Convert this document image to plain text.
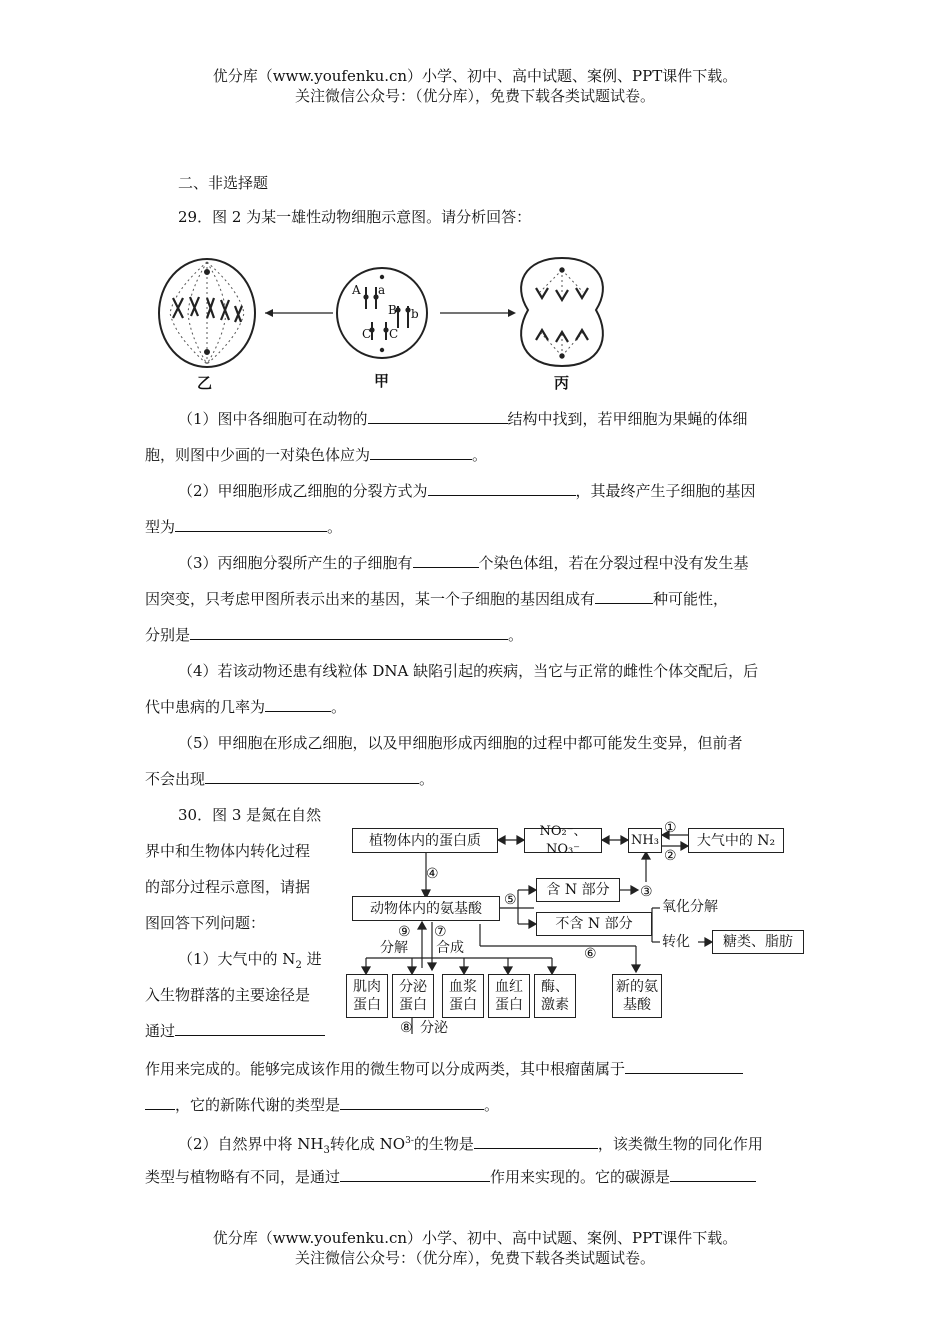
优分库（www.youfenku.cn）小学、初中、高中试题、案例、PPT课件下载。
关注微信公众号：（优分库），免费下载各类试题试卷。
二、非选择题
29．图 2 为某一雄性动物细胞示意图。请分析回答：
A a
B b
C C
乙	甲	丙
（1）图中各细胞可在动物的	结构中找到，若甲细胞为果蝇的体细
胞，则图中少画的一对染色体应为	。
（2）甲细胞形成乙细胞的分裂方式为	，其最终产生子细胞的基因
型为	。
（3）丙细胞分裂所产生的子细胞有	个染色体组，若在分裂过程中没有发生基
因突变，只考虑甲图所表示出来的基因，某一个子细胞的基因组成有	种可能性，
分别是	。
（4）若该动物还患有线粒体 DNA 缺陷引起的疾病，当它与正常的雌性个体交配后，后
代中患病的几率为	。
（5）甲细胞在形成乙细胞，以及甲细胞形成丙细胞的过程中都可能发生变异，但前者
不会出现	。
30．图 3 是氮在自然
界中和生物体内转化过程
的部分过程示意图，请据
图回答下列问题：
（1）大气中的 $N_2$ 进
入生物群落的主要途径是
通过
作用来完成的。能够完成该作用的微生物可以分成两类，其中根瘤菌属于
，它的新陈代谢的类型是	。
（2）自然界中将 $NH_3$转化成 $NO^{3-}$的生物是	，该类微生物的同化作用
类型与植物略有不同，是通过	作用来实现的。它的碳源是
植物体内的蛋白质
NO₂⁻、NO₃⁻
NH₃	大气中的 N₂
动物体内的氨基酸
含 N 部分
不含 N 部分
糖类、脂肪
肌肉蛋白
分泌蛋白
血浆蛋白
血红蛋白
酶、激素
新的氨基酸
①
②
③
④
⑤
⑥
⑨ ⑦
分解 合成
氧化分解
转化
⑧ 分泌
优分库（www.youfenku.cn）小学、初中、高中试题、案例、PPT课件下载。
关注微信公众号：（优分库），免费下载各类试题试卷。
